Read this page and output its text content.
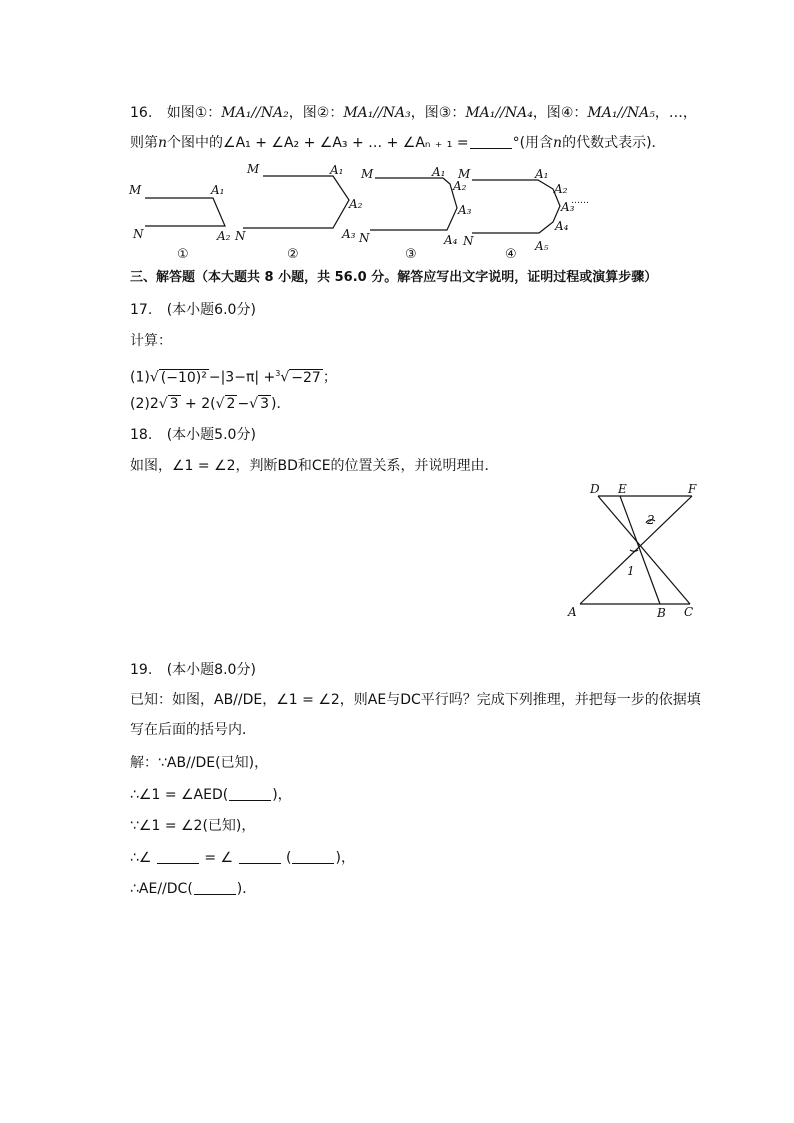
16. 如图①：MA₁//NA₂，图②：MA₁//NA₃，图③：MA₁//NA₄，图④：MA₁//NA₅，…，
则第n个图中的∠A₁ + ∠A₂ + ∠A₃ + … + ∠Aₙ ₊ ₁ =	°(用含n的代数式表示)．
M	A₁
N	A₂
①
M	A₁
A₂
N	A₃
②
M	A₁
A₂
A₃
N	A₄
③
M	A₁
A₂
A₃
……
A₄
N	A₅
④
三、解答题（本大题共 8 小题，共 56.0 分。解答应写出文字说明，证明过程或演算步骤）
17. (本小题6.0分)
计算：
(1)√ (−10)² −|3−π| +$^3$√ −27 ；
(2)2√ 3 + 2(√ 2 −√ 3 )．
18. (本小题5.0分)
如图，∠1 = ∠2，判断BD和CE的位置关系，并说明理由．
D E	F
A	B C
1
2
19. (本小题8.0分)
已知：如图，AB//DE，∠1 = ∠2，则AE与DC平行吗？完成下列推理，并把每一步的依据填
写在后面的括号内．
解：∵AB//DE(已知)，
∴∠1 = ∠AED(	)，
∵∠1 = ∠2(已知)，
∴∠	= ∠	(	)，
∴AE//DC(	)．
